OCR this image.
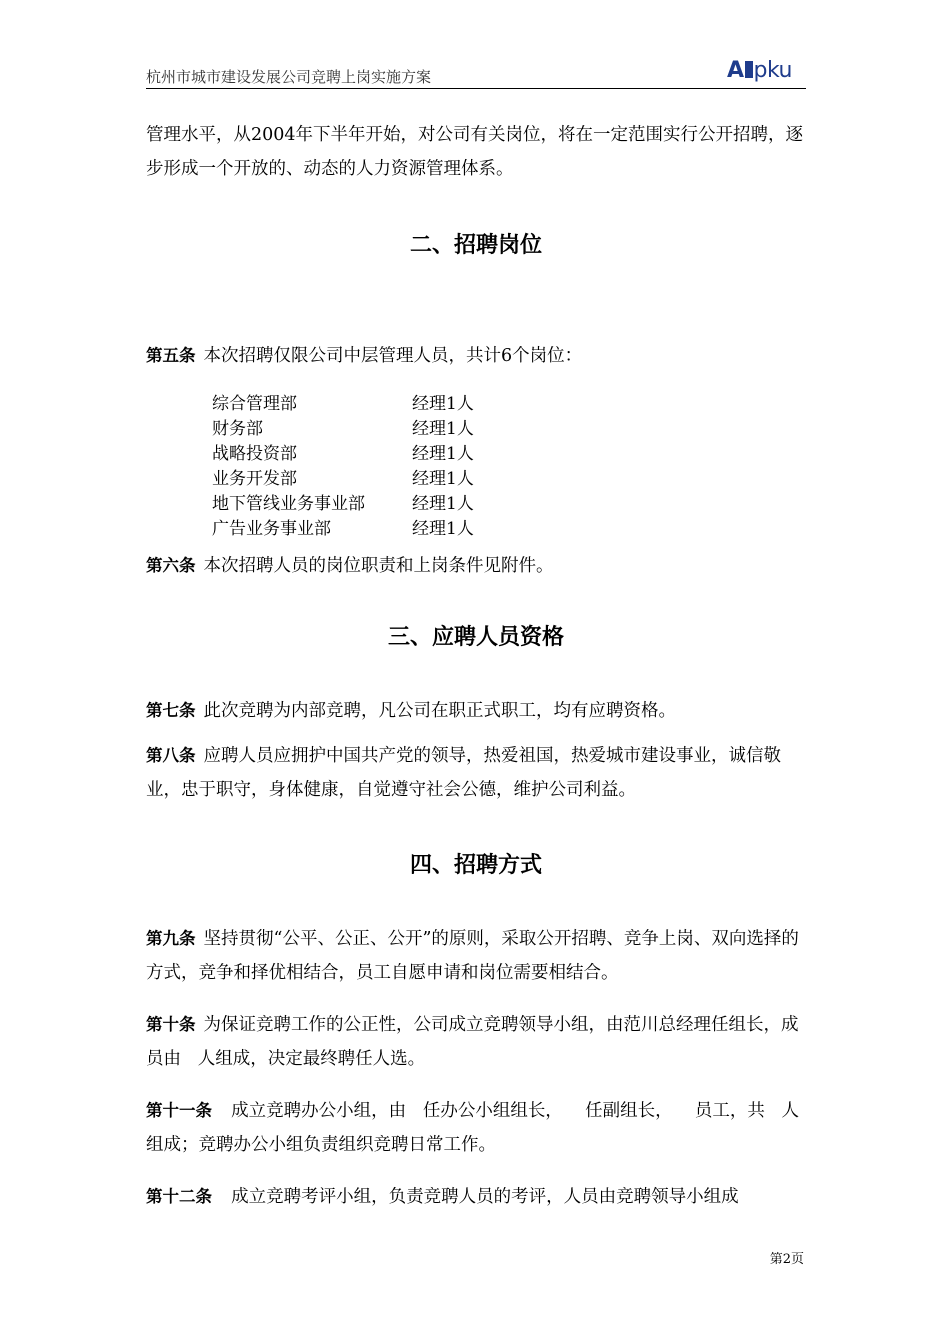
杭州市城市建设发展公司竞聘上岗实施方案	A pku
管理水平，从2004年下半年开始，对公司有关岗位，将在一定范围实行公开招聘，逐步形成一个开放的、动态的人力资源管理体系。
二、招聘岗位
第五条 本次招聘仅限公司中层管理人员，共计6个岗位：
综合管理部	经理1人
财务部	经理1人
战略投资部	经理1人
业务开发部	经理1人
地下管线业务事业部	经理1人
广告业务事业部	经理1人
第六条 本次招聘人员的岗位职责和上岗条件见附件。
三、应聘人员资格
第七条 此次竞聘为内部竞聘，凡公司在职正式职工，均有应聘资格。
第八条 应聘人员应拥护中国共产党的领导，热爱祖国，热爱城市建设事业，诚信敬业，忠于职守，身体健康，自觉遵守社会公德，维护公司利益。
四、招聘方式
第九条 坚持贯彻“公平、公正、公开”的原则，采取公开招聘、竞争上岗、双向选择的方式，竞争和择优相结合，员工自愿申请和岗位需要相结合。
第十条 为保证竞聘工作的公正性，公司成立竞聘领导小组，由范川总经理任组长，成员由   人组成，决定最终聘任人选。
第十一条  成立竞聘办公小组，由   任办公小组组长，    任副组长，    员工，共   人组成；竞聘办公小组负责组织竞聘日常工作。
第十二条  成立竞聘考评小组，负责竞聘人员的考评，人员由竞聘领导小组成
第2页
